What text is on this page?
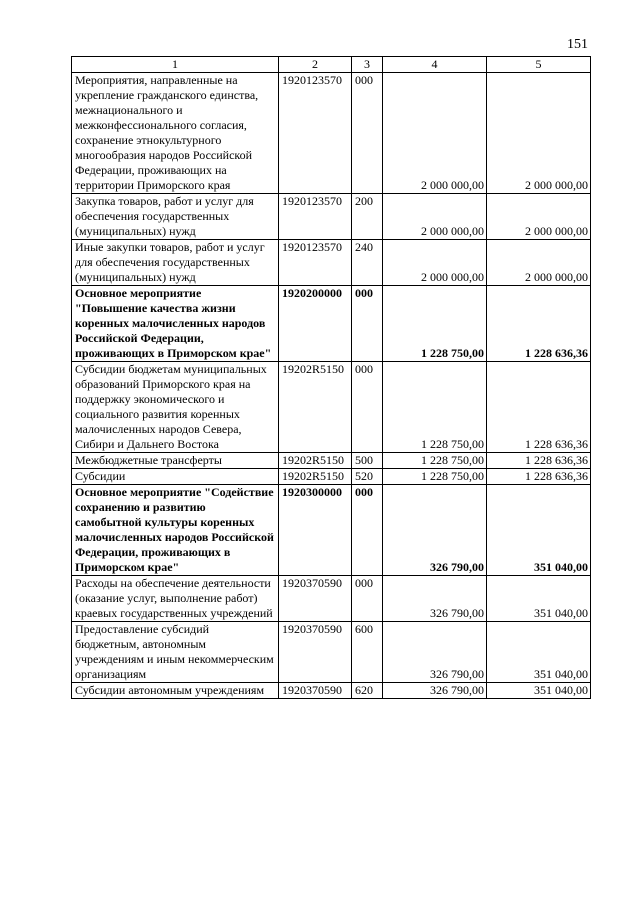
151
1	2	3	4	5
Мероприятия, направленные на укрепление гражданского единства, межнационального и межконфессионального согласия, сохранение этнокультурного многообразия народов Российской Федерации, проживающих на территории Приморского края	1920123570	000	2 000 000,00	2 000 000,00
Закупка товаров, работ и услуг для обеспечения государственных (муниципальных) нужд	1920123570	200	2 000 000,00	2 000 000,00
Иные закупки товаров, работ и услуг для обеспечения государственных (муниципальных) нужд	1920123570	240	2 000 000,00	2 000 000,00
Основное мероприятие "Повышение качества жизни коренных малочисленных народов Российской Федерации, проживающих в Приморском крае"	1920200000	000	1 228 750,00	1 228 636,36
Субсидии бюджетам муниципальных образований Приморского края на поддержку экономического и социального развития коренных малочисленных народов Севера, Сибири и Дальнего Востока	19202R5150	000	1 228 750,00	1 228 636,36
Межбюджетные трансферты	19202R5150	500	1 228 750,00	1 228 636,36
Субсидии	19202R5150	520	1 228 750,00	1 228 636,36
Основное мероприятие "Содействие сохранению и развитию самобытной культуры коренных малочисленных народов Российской Федерации, проживающих в Приморском крае"	1920300000	000	326 790,00	351 040,00
Расходы на обеспечение деятельности (оказание услуг, выполнение работ) краевых государственных учреждений	1920370590	000	326 790,00	351 040,00
Предоставление субсидий бюджетным, автономным учреждениям и иным некоммерческим организациям	1920370590	600	326 790,00	351 040,00
Субсидии автономным учреждениям	1920370590	620	326 790,00	351 040,00
